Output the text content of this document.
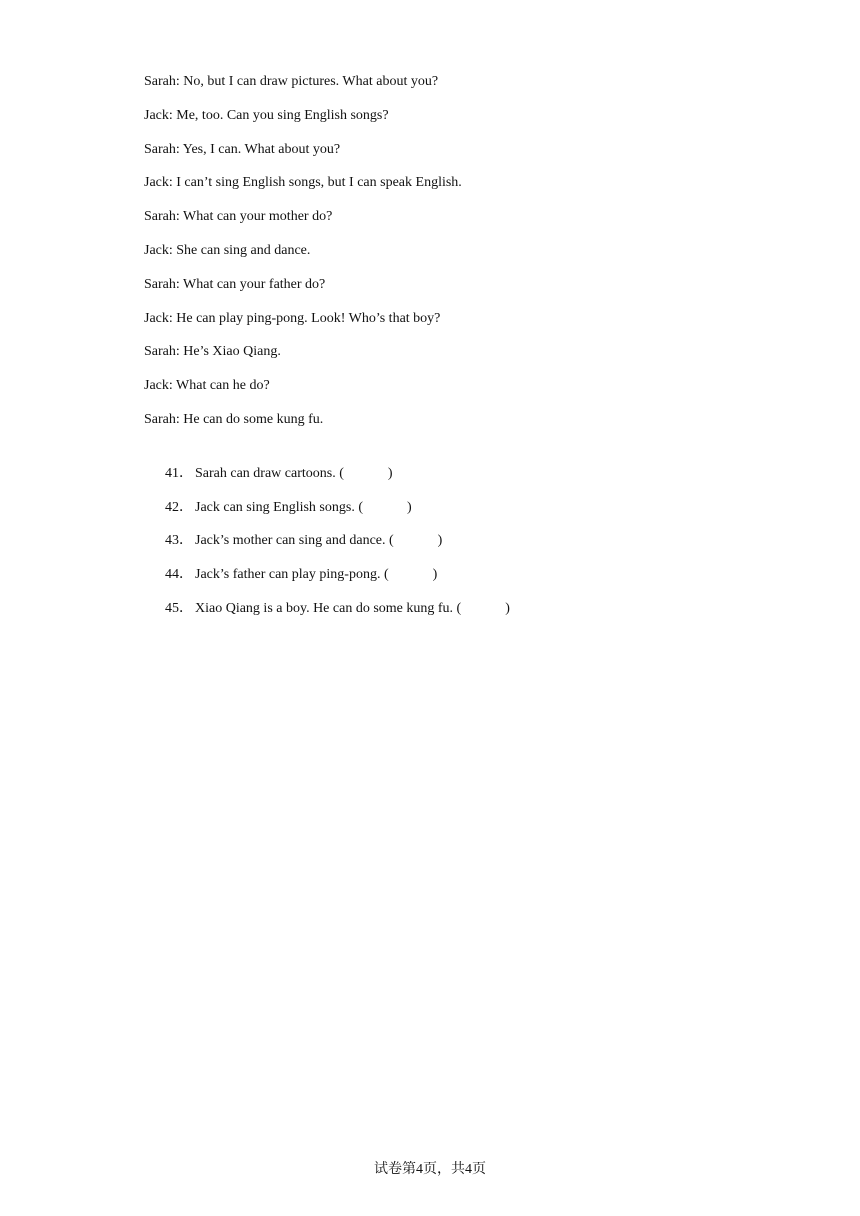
Sarah: No, but I can draw pictures. What about you?
Jack: Me, too. Can you sing English songs?
Sarah: Yes, I can. What about you?
Jack: I can’t sing English songs, but I can speak English.
Sarah: What can your mother do?
Jack: She can sing and dance.
Sarah: What can your father do?
Jack: He can play ping-pong. Look! Who’s that boy?
Sarah: He’s Xiao Qiang.
Jack: What can he do?
Sarah: He can do some kung fu.

41． Sarah can draw cartoons. (	)

42． Jack can sing English songs. (	)

43． Jack’s mother can sing and dance. (	)

44． Jack’s father can play ping-pong. (	)

45． Xiao Qiang is a boy. He can do some kung fu. (	)

试卷第4页，共4页
